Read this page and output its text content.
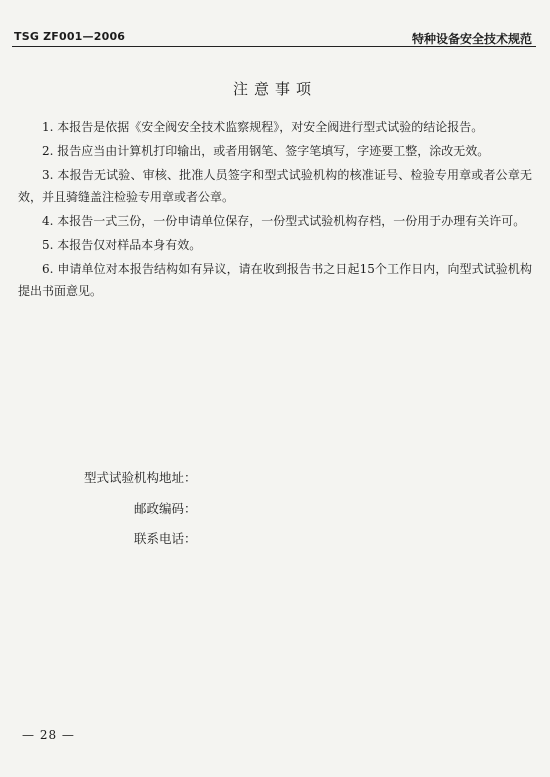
TSG ZF001—2006	特种设备安全技术规范
注意事项

1. 本报告是依据《安全阀安全技术监察规程》，对安全阀进行型式试验的结论报告。

2. 报告应当由计算机打印输出，或者用钢笔、签字笔填写，字迹要工整，涂改无效。

3. 本报告无试验、审核、批准人员签字和型式试验机构的核准证号、检验专用章或者公章无效，并且骑缝盖注检验专用章或者公章。

4. 本报告一式三份，一份申请单位保存，一份型式试验机构存档，一份用于办理有关许可。

5. 本报告仅对样品本身有效。

6. 申请单位对本报告结构如有异议，请在收到报告书之日起15个工作日内，向型式试验机构提出书面意见。

型式试验机构地址：
邮政编码：
联系电话：
— 28 —
